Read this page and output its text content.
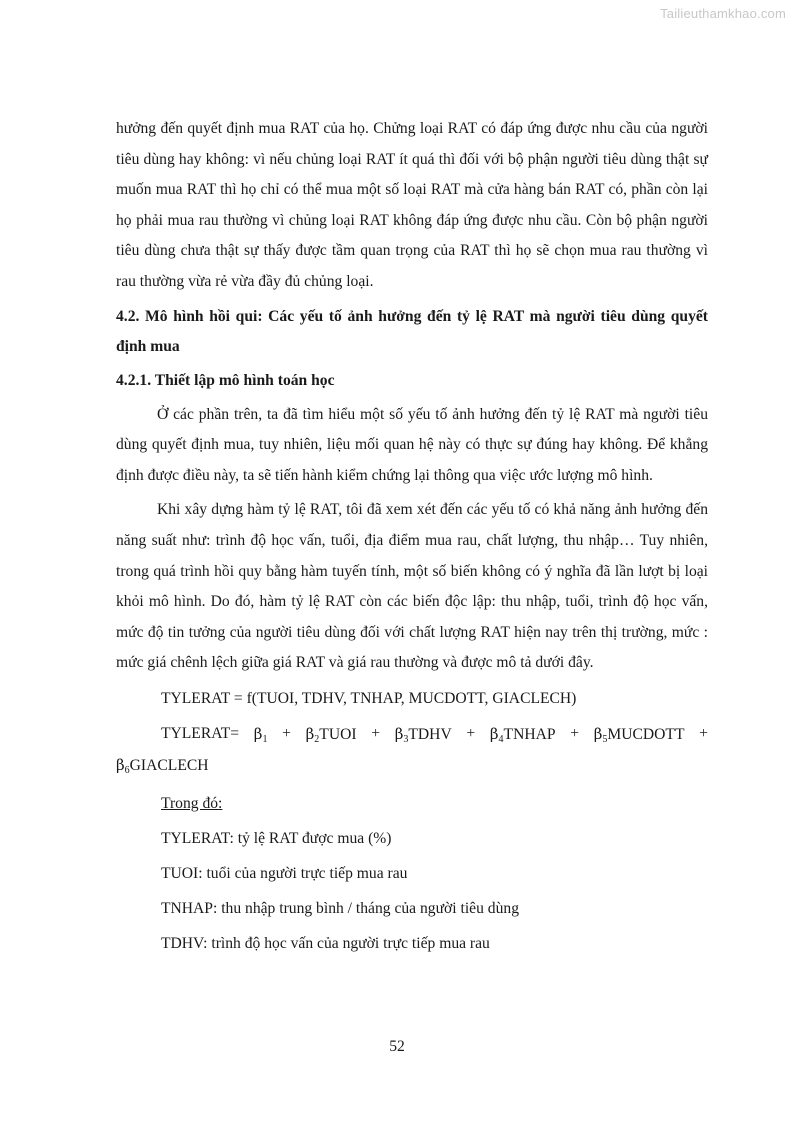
Tailieuthamkhao.com

hưởng đến quyết định mua RAT của họ. Chửng loại RAT có đáp ứng được nhu cầu của người tiêu dùng hay không: vì nếu chủng loại RAT ít quá thì đối với bộ phận người tiêu dùng thật sự muốn mua RAT thì họ chỉ có thể mua một số loại RAT mà cửa hàng bán RAT có, phần còn lại họ phải mua rau thường vì chủng loại RAT không đáp ứng được nhu cầu. Còn bộ phận người tiêu dùng chưa thật sự thấy được tầm quan trọng của RAT thì họ sẽ chọn mua rau thường vì rau thường vừa rẻ vừa đầy đủ chủng loại.

4.2. Mô hình hồi qui: Các yếu tố ảnh hưởng đến tỷ lệ RAT mà người tiêu dùng quyết định mua

4.2.1. Thiết lập mô hình toán học

Ở các phần trên, ta đã tìm hiểu một số yếu tố ảnh hưởng đến tỷ lệ RAT mà người tiêu dùng quyết định mua, tuy nhiên, liệu mối quan hệ này có thực sự đúng hay không. Để khẳng định được điều này, ta sẽ tiến hành kiểm chứng lại thông qua việc ước lượng mô hình.

Khi xây dựng hàm tỷ lệ RAT, tôi đã xem xét đến các yếu tố có khả năng ảnh hưởng đến năng suất như: trình độ học vấn, tuổi, địa điểm mua rau, chất lượng, thu nhập… Tuy nhiên, trong quá trình hồi quy bằng hàm tuyến tính, một số biến không có ý nghĩa đã lần lượt bị loại khỏi mô hình. Do đó, hàm tỷ lệ RAT còn các biến độc lập: thu nhập, tuổi, trình độ học vấn, mức độ tin tưởng của người tiêu dùng đối với chất lượng RAT hiện nay trên thị trường, mức : mức giá chênh lệch giữa giá RAT và giá rau thường và được mô tả dưới đây.

TYLERAT = f(TUOI, TDHV, TNHAP, MUCDOTT, GIACLECH)

TYLERAT= $\beta_1$ + $\beta_2TUOI$ + $\beta_3TDHV$ + $\beta_4TNHAP$ + $\beta_5MUCDOTT$ +
$\beta_6GIACLECH$

Trong đó:

TYLERAT: tỷ lệ RAT được mua (%)

TUOI: tuổi của người trực tiếp mua rau

TNHAP: thu nhập trung bình / tháng của người tiêu dùng

TDHV: trình độ học vấn của người trực tiếp mua rau

52
